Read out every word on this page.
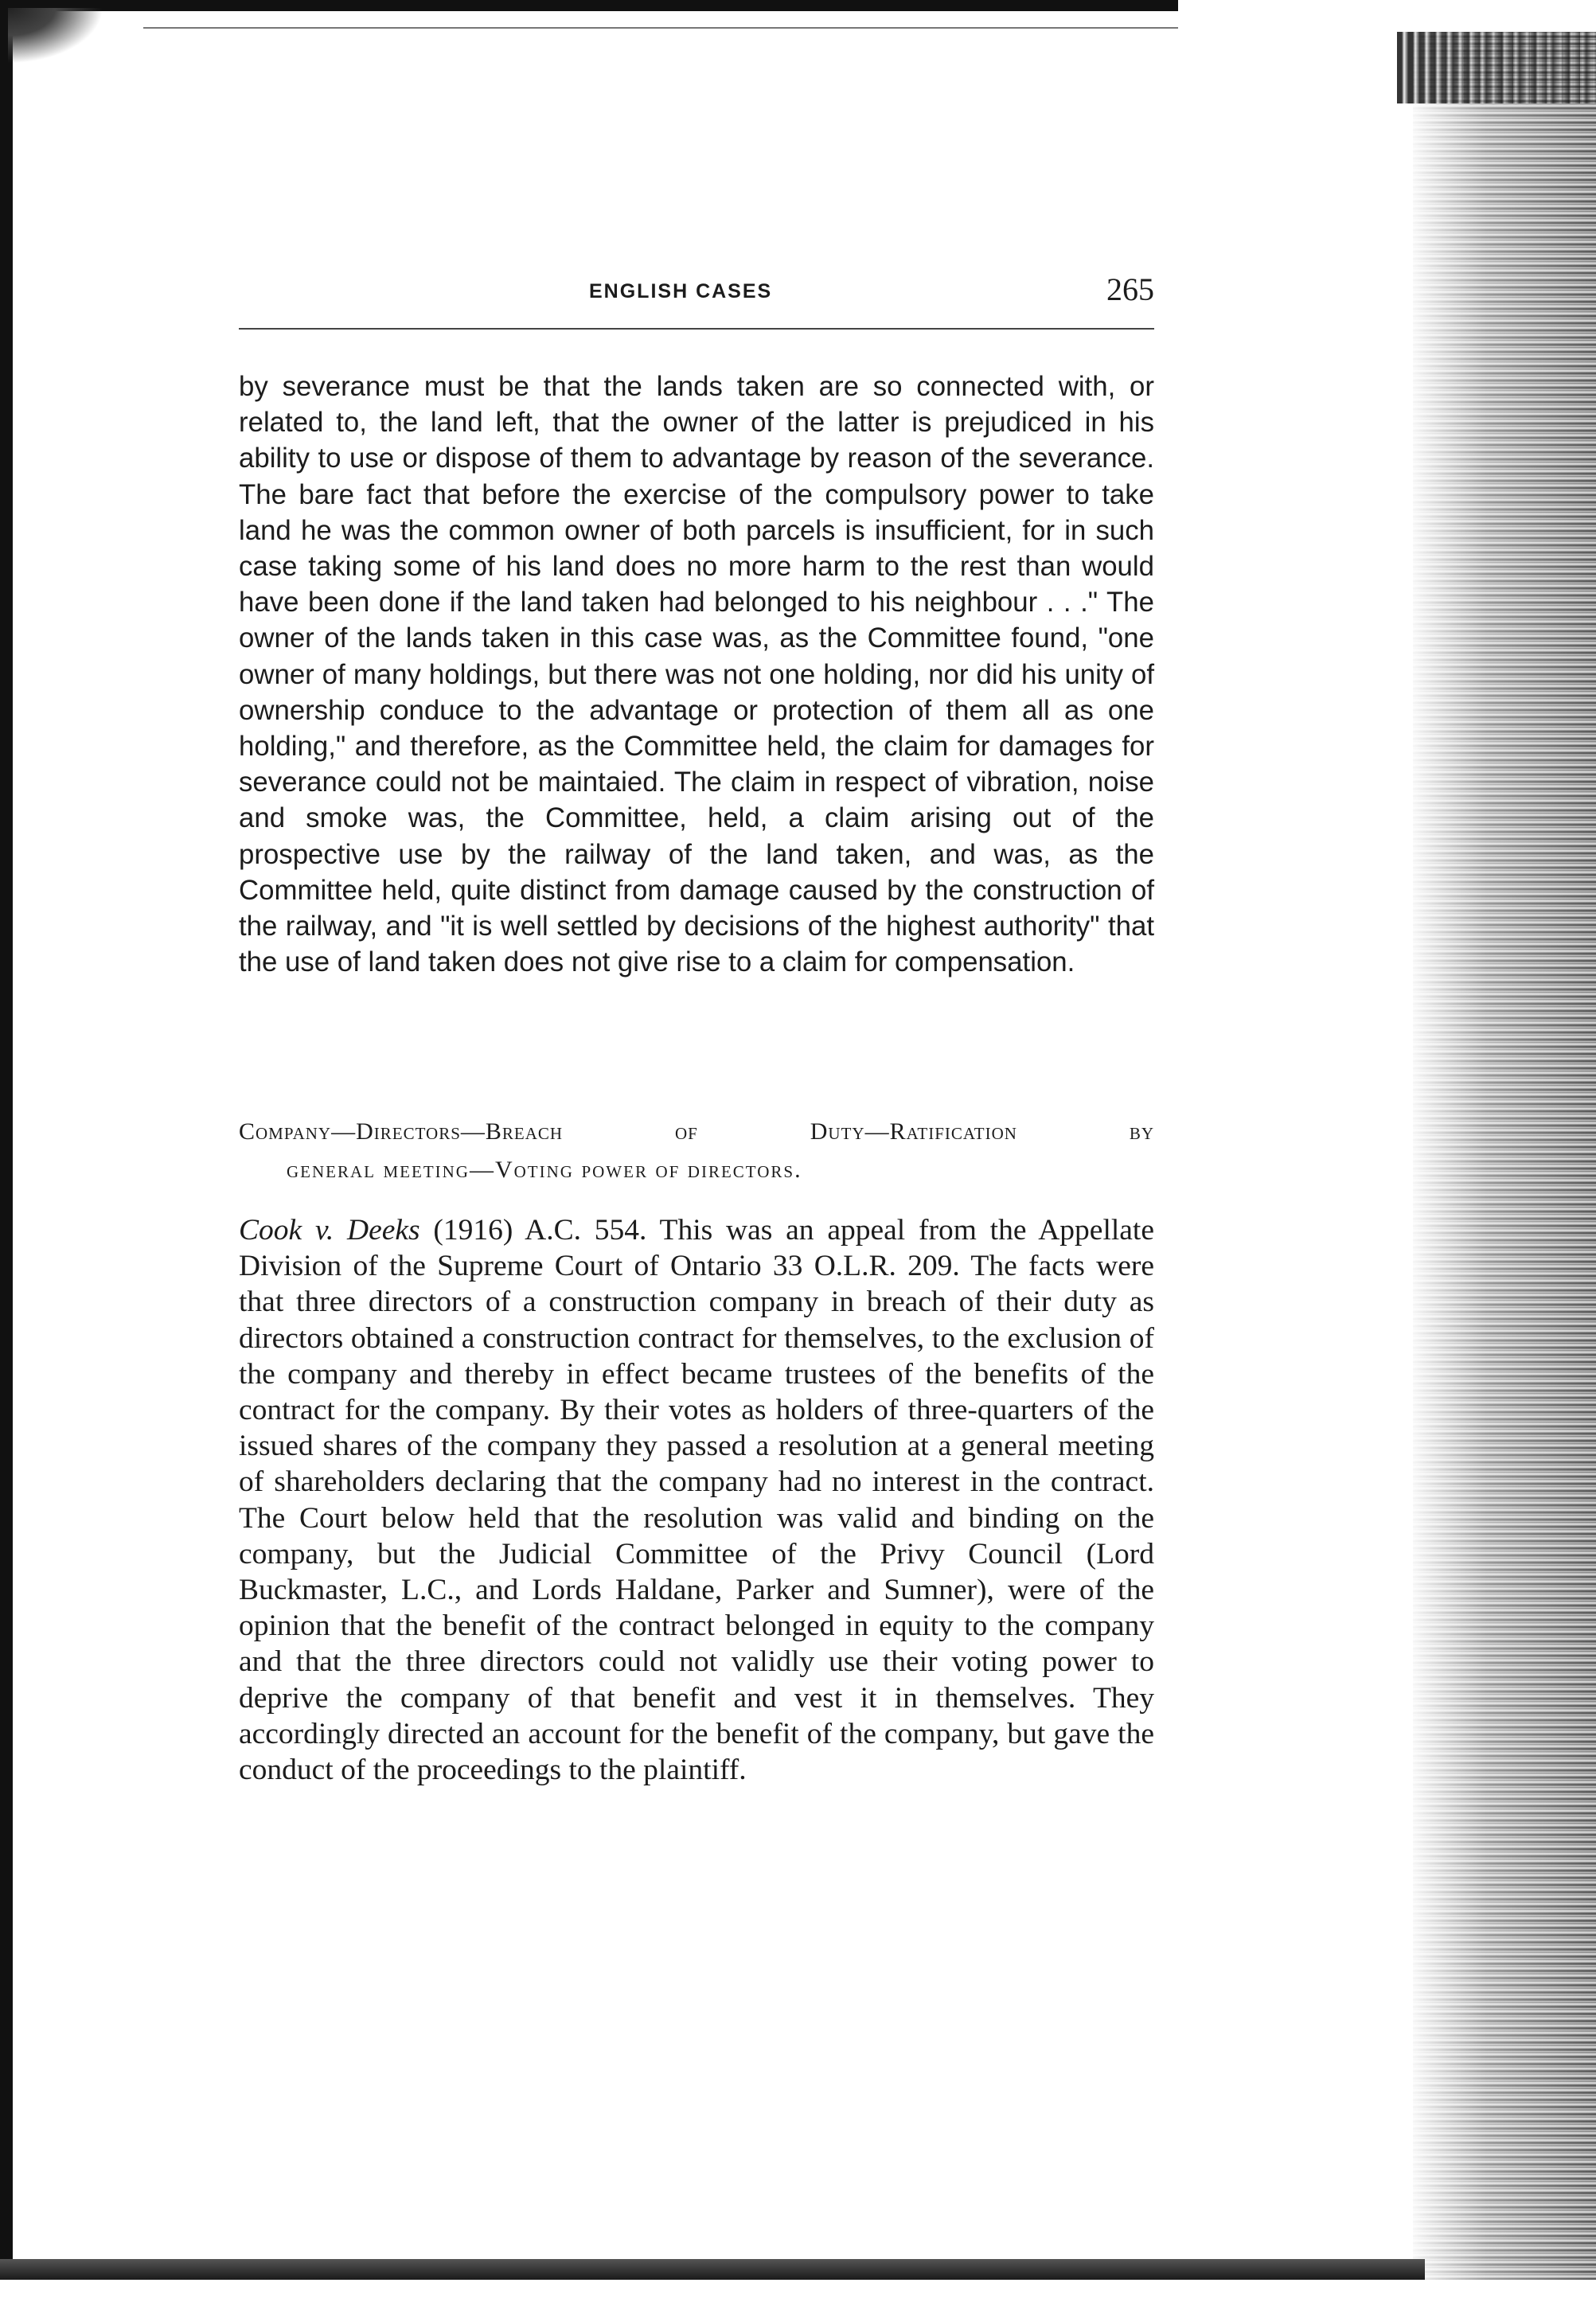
ENGLISH CASES	265

by severance must be that the lands taken are so connected with, or related to, the land left, that the owner of the latter is prejudiced in his ability to use or dispose of them to advantage by reason of the severance. The bare fact that before the exercise of the compulsory power to take land he was the common owner of both parcels is insufficient, for in such case taking some of his land does no more harm to the rest than would have been done if the land taken had belonged to his neighbour . . ." The owner of the lands taken in this case was, as the Committee found, "one owner of many holdings, but there was not one holding, nor did his unity of ownership conduce to the advantage or protection of them all as one holding," and therefore, as the Committee held, the claim for damages for severance could not be maintaied. The claim in respect of vibration, noise and smoke was, the Committee, held, a claim arising out of the prospective use by the railway of the land taken, and was, as the Committee held, quite distinct from damage caused by the construction of the railway, and "it is well settled by decisions of the highest authority" that the use of land taken does not give rise to a claim for compensation.

Company—Directors—Breach of Duty—Ratification by

general meeting—Voting power of directors.

Cook v. Deeks (1916) A.C. 554. This was an appeal from the Appellate Division of the Supreme Court of Ontario 33 O.L.R. 209. The facts were that three directors of a construction company in breach of their duty as directors obtained a construction contract for themselves, to the exclusion of the company and thereby in effect became trustees of the benefits of the contract for the company. By their votes as holders of three-quarters of the issued shares of the company they passed a resolution at a general meeting of shareholders declaring that the company had no interest in the contract. The Court below held that the resolution was valid and binding on the company, but the Judicial Committee of the Privy Council (Lord Buckmaster, L.C., and Lords Haldane, Parker and Sumner), were of the opinion that the benefit of the contract belonged in equity to the company and that the three directors could not validly use their voting power to deprive the company of that benefit and vest it in themselves. They accordingly directed an account for the benefit of the company, but gave the conduct of the proceedings to the plaintiff.
